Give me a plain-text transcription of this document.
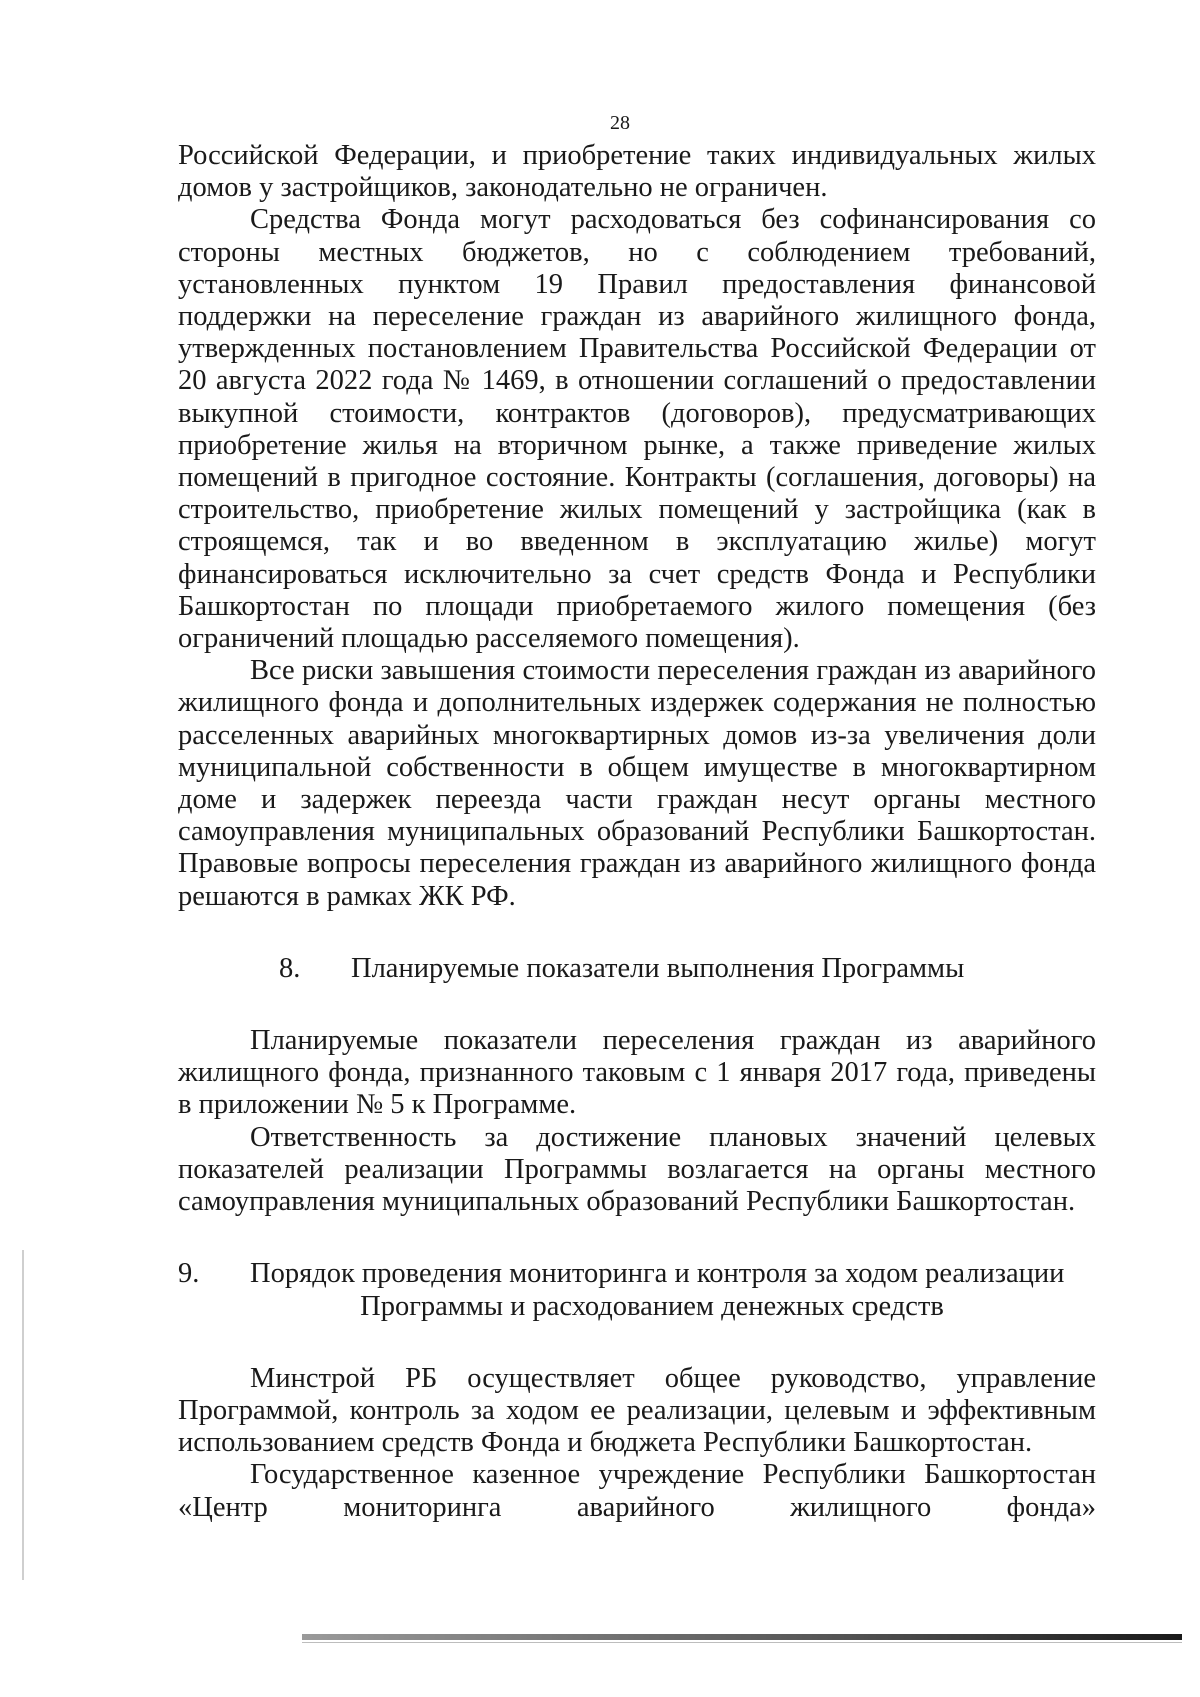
28

Российской Федерации, и приобретение таких индивидуальных жилых домов у застройщиков, законодательно не ограничен.

Средства Фонда могут расходоваться без софинансирования со стороны местных бюджетов, но с соблюдением требований, установленных пунктом 19 Правил предоставления финансовой поддержки на переселение граждан из аварийного жилищного фонда, утвержденных постановлением Правительства Российской Федерации от 20 августа 2022 года № 1469, в отношении соглашений о предоставлении выкупной стоимости, контрактов (договоров), предусматривающих приобретение жилья на вторичном рынке, а также приведение жилых помещений в пригодное состояние. Контракты (соглашения, договоры) на строительство, приобретение жилых помещений у застройщика (как в строящемся, так и во введенном в эксплуатацию жилье) могут финансироваться исключительно за счет средств Фонда и Республики Башкортостан по площади приобретаемого жилого помещения (без ограничений площадью расселяемого помещения).

Все риски завышения стоимости переселения граждан из аварийного жилищного фонда и дополнительных издержек содержания не полностью расселенных аварийных многоквартирных домов из-за увеличения доли муниципальной собственности в общем имуществе в многоквартирном доме и задержек переезда части граждан несут органы местного самоуправления муниципальных образований Республики Башкортостан. Правовые вопросы переселения граждан из аварийного жилищного фонда решаются в рамках ЖК РФ.

8. Планируемые показатели выполнения Программы

Планируемые показатели переселения граждан из аварийного жилищного фонда, признанного таковым с 1 января 2017 года, приведены в приложении № 5 к Программе.

Ответственность за достижение плановых значений целевых показателей реализации Программы возлагается на органы местного самоуправления муниципальных образований Республики Башкортостан.

9. Порядок проведения мониторинга и контроля за ходом реализации
Программы и расходованием денежных средств

Минстрой РБ осуществляет общее руководство, управление Программой, контроль за ходом ее реализации, целевым и эффективным использованием средств Фонда и бюджета Республики Башкортостан.

Государственное казенное учреждение Республики Башкортостан «Центр мониторинга аварийного жилищного фонда»
